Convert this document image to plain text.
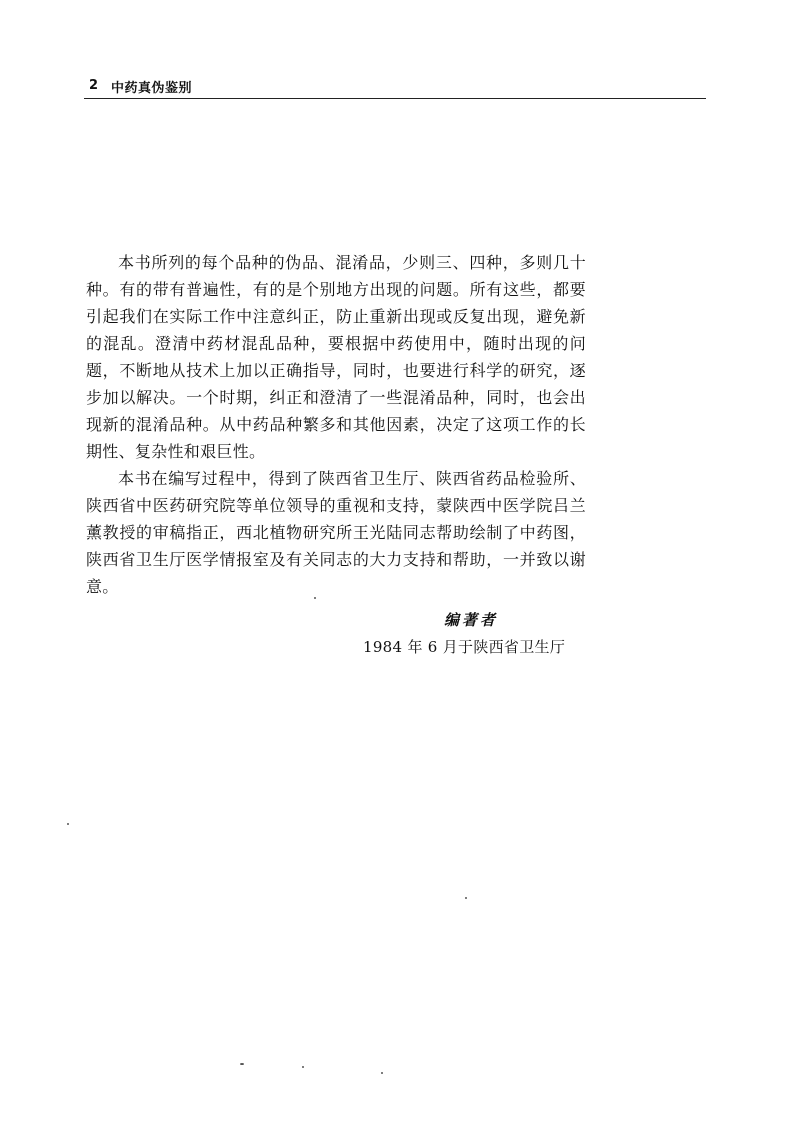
2 中药真伪鉴别

本书所列的每个品种的伪品、混淆品，少则三、四种，多则几十种。有的带有普遍性，有的是个别地方出现的问题。所有这些，都要引起我们在实际工作中注意纠正，防止重新出现或反复出现，避免新的混乱。澄清中药材混乱品种，要根据中药使用中，随时出现的问题，不断地从技术上加以正确指导，同时，也要进行科学的研究，逐步加以解决。一个时期，纠正和澄清了一些混淆品种，同时，也会出现新的混淆品种。从中药品种繁多和其他因素，决定了这项工作的长期性、复杂性和艰巨性。

本书在编写过程中，得到了陕西省卫生厅、陕西省药品检验所、陕西省中医药研究院等单位领导的重视和支持，蒙陕西中医学院吕兰薰教授的审稿指正，西北植物研究所王光陆同志帮助绘制了中药图，陕西省卫生厅医学情报室及有关同志的大力支持和帮助，一并致以谢意。

编著者
1984 年 6 月于陕西省卫生厅
